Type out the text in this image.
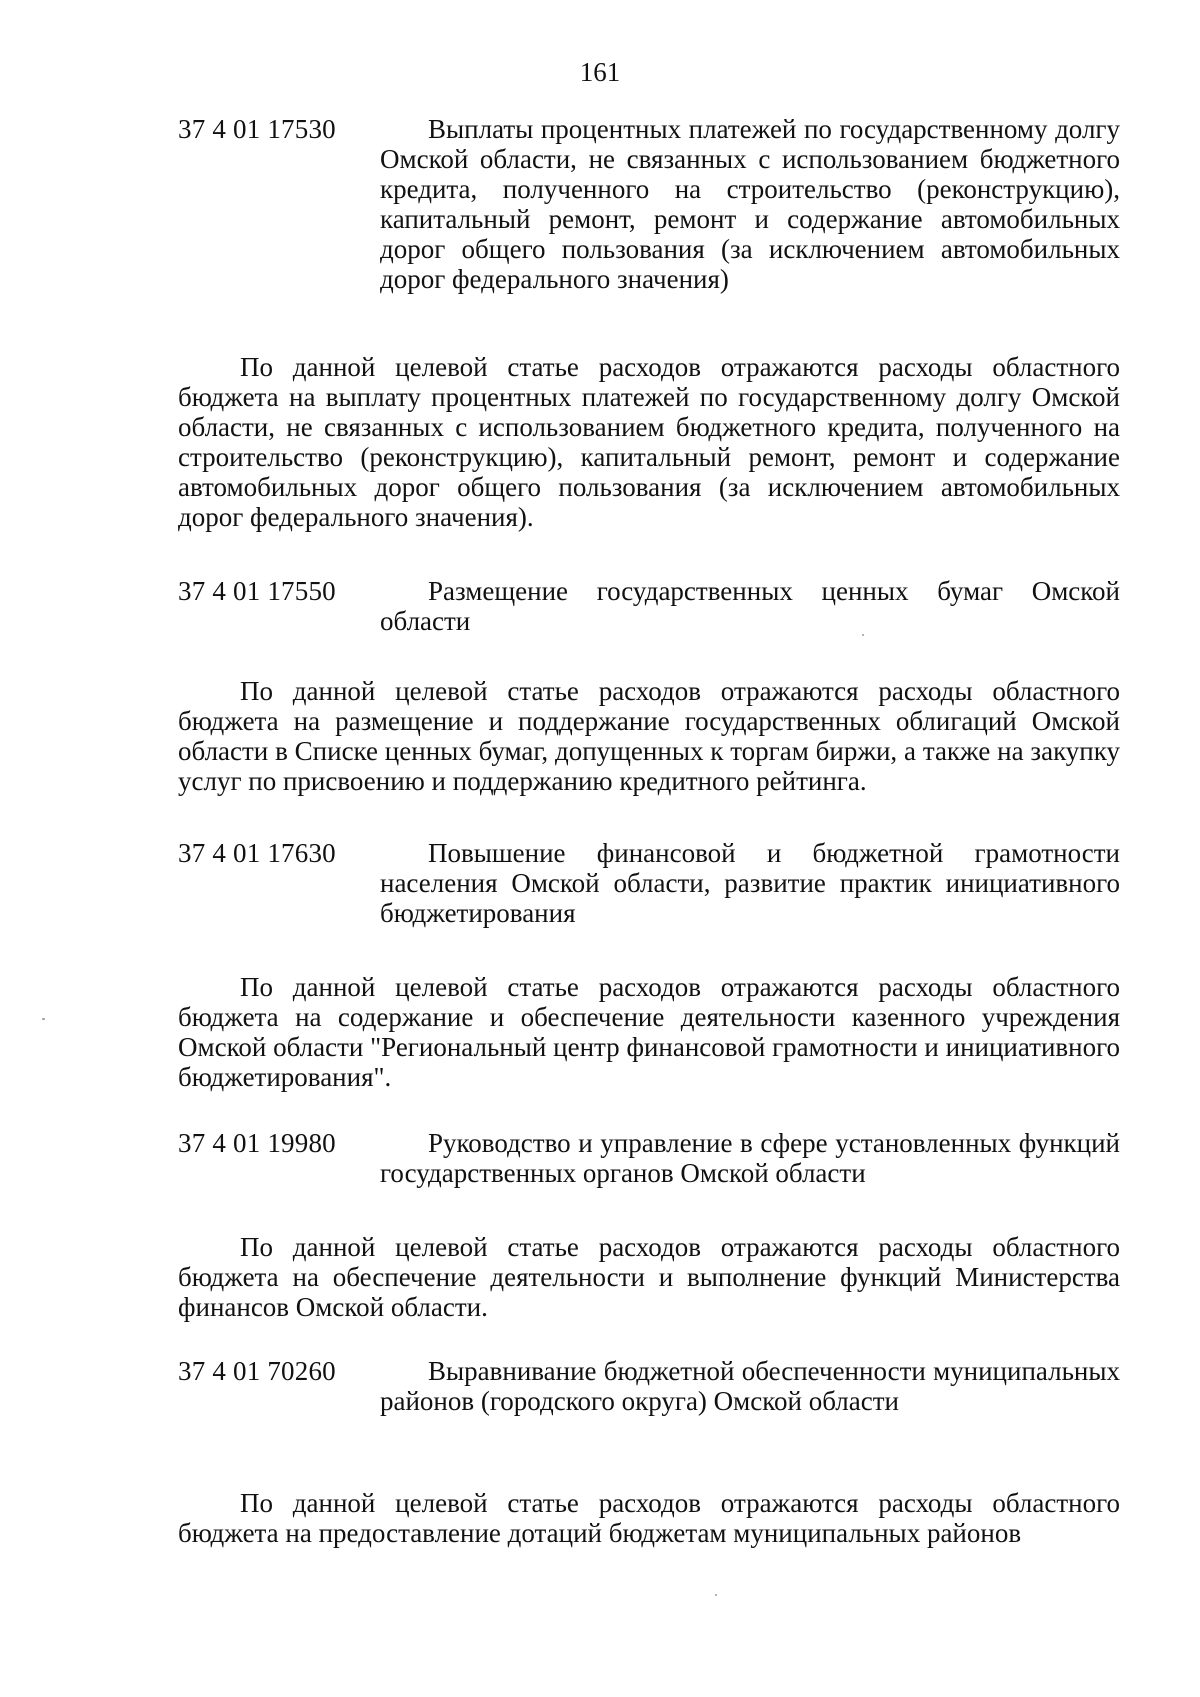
161
37 4 01 17530	Выплаты процентных платежей по государственному долгу Омской области, не связанных с использованием бюджетного кредита, полученного на строительство (реконструкцию), капитальный ремонт, ремонт и содержание автомобильных дорог общего пользования (за исключением автомобильных дорог федерального значения)
По данной целевой статье расходов отражаются расходы областного бюджета на выплату процентных платежей по государственному долгу Омской области, не связанных с использованием бюджетного кредита, полученного на строительство (реконструкцию), капитальный ремонт, ремонт и содержание автомобильных дорог общего пользования (за исключением автомобильных дорог федерального значения).
37 4 01 17550	Размещение государственных ценных бумаг Омской области
По данной целевой статье расходов отражаются расходы областного бюджета на размещение и поддержание государственных облигаций Омской области в Списке ценных бумаг, допущенных к торгам биржи, а также на закупку услуг по присвоению и поддержанию кредитного рейтинга.
37 4 01 17630	Повышение финансовой и бюджетной грамотности населения Омской области, развитие практик инициативного бюджетирования
По данной целевой статье расходов отражаются расходы областного бюджета на содержание и обеспечение деятельности казенного учреждения Омской области "Региональный центр финансовой грамотности и инициативного бюджетирования".
37 4 01 19980	Руководство и управление в сфере установленных функций государственных органов Омской области
По данной целевой статье расходов отражаются расходы областного бюджета на обеспечение деятельности и выполнение функций Министерства финансов Омской области.
37 4 01 70260	Выравнивание бюджетной обеспеченности муниципальных районов (городского округа) Омской области
По данной целевой статье расходов отражаются расходы областного бюджета на предоставление дотаций бюджетам муниципальных районов
